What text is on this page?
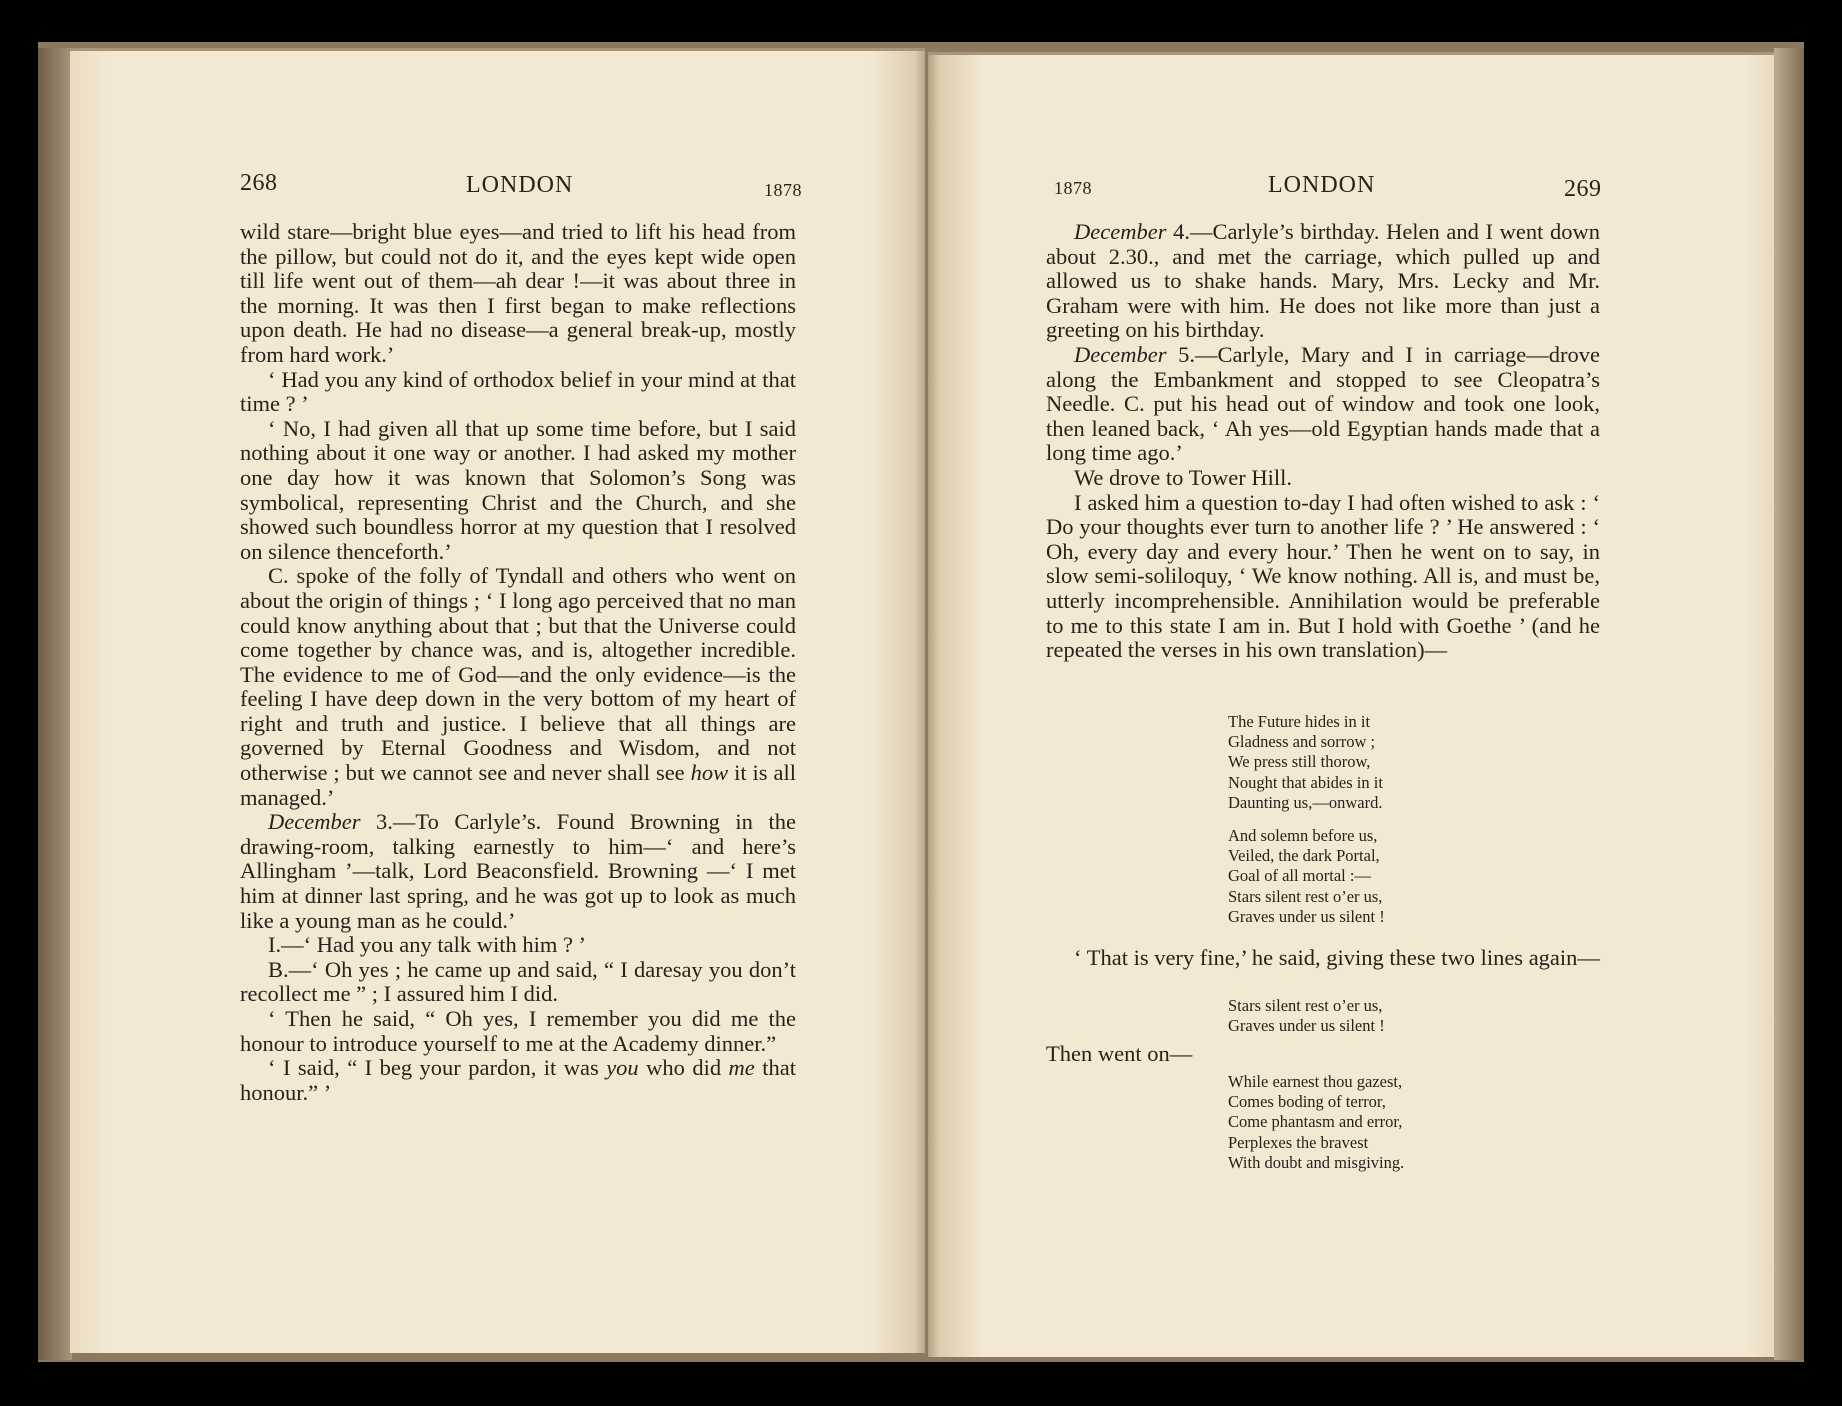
268	LONDON	1878

wild stare—bright blue eyes—and tried to lift his head from the pillow, but could not do it, and the eyes kept wide open till life went out of them—ah dear !—it was about three in the morning. It was then I first began to make reflections upon death. He had no disease—a general break-up, mostly from hard work.’

‘ Had you any kind of orthodox belief in your mind at that time ? ’

‘ No, I had given all that up some time before, but I said nothing about it one way or another. I had asked my mother one day how it was known that Solomon’s Song was symbolical, representing Christ and the Church, and she showed such boundless horror at my question that I resolved on silence thenceforth.’

C. spoke of the folly of Tyndall and others who went on about the origin of things ; ‘ I long ago perceived that no man could know anything about that ; but that the Universe could come together by chance was, and is, altogether incredible. The evidence to me of God—and the only evidence—is the feeling I have deep down in the very bottom of my heart of right and truth and justice. I believe that all things are governed by Eternal Goodness and Wisdom, and not otherwise ; but we cannot see and never shall see how it is all managed.’

December 3.—To Carlyle’s. Found Browning in the drawing-room, talking earnestly to him—‘ and here’s Allingham ’—talk, Lord Beaconsfield. Browning —‘ I met him at dinner last spring, and he was got up to look as much like a young man as he could.’

I.—‘ Had you any talk with him ? ’

B.—‘ Oh yes ; he came up and said, “ I daresay you don’t recollect me ” ; I assured him I did.

‘ Then he said, “ Oh yes, I remember you did me the honour to introduce yourself to me at the Academy dinner.”

‘ I said, “ I beg your pardon, it was you who did me that honour.” ’

1878	LONDON	269

December 4.—Carlyle’s birthday. Helen and I went down about 2.30., and met the carriage, which pulled up and allowed us to shake hands. Mary, Mrs. Lecky and Mr. Graham were with him. He does not like more than just a greeting on his birthday.

December 5.—Carlyle, Mary and I in carriage—drove along the Embankment and stopped to see Cleopatra’s Needle. C. put his head out of window and took one look, then leaned back, ‘ Ah yes—old Egyptian hands made that a long time ago.’

We drove to Tower Hill.

I asked him a question to-day I had often wished to ask : ‘ Do your thoughts ever turn to another life ? ’ He answered : ‘ Oh, every day and every hour.’ Then he went on to say, in slow semi-soliloquy, ‘ We know nothing. All is, and must be, utterly incomprehensible. Annihilation would be preferable to me to this state I am in. But I hold with Goethe ’ (and he repeated the verses in his own translation)—

The Future hides in it
Gladness and sorrow ;
We press still thorow,
Nought that abides in it
Daunting us,—onward.
And solemn before us,
Veiled, the dark Portal,
Goal of all mortal :—
Stars silent rest o’er us,
Graves under us silent !

‘ That is very fine,’ he said, giving these two lines again—

Stars silent rest o’er us,
Graves under us silent !

Then went on—

While earnest thou gazest,
Comes boding of terror,
Come phantasm and error,
Perplexes the bravest
With doubt and misgiving.
